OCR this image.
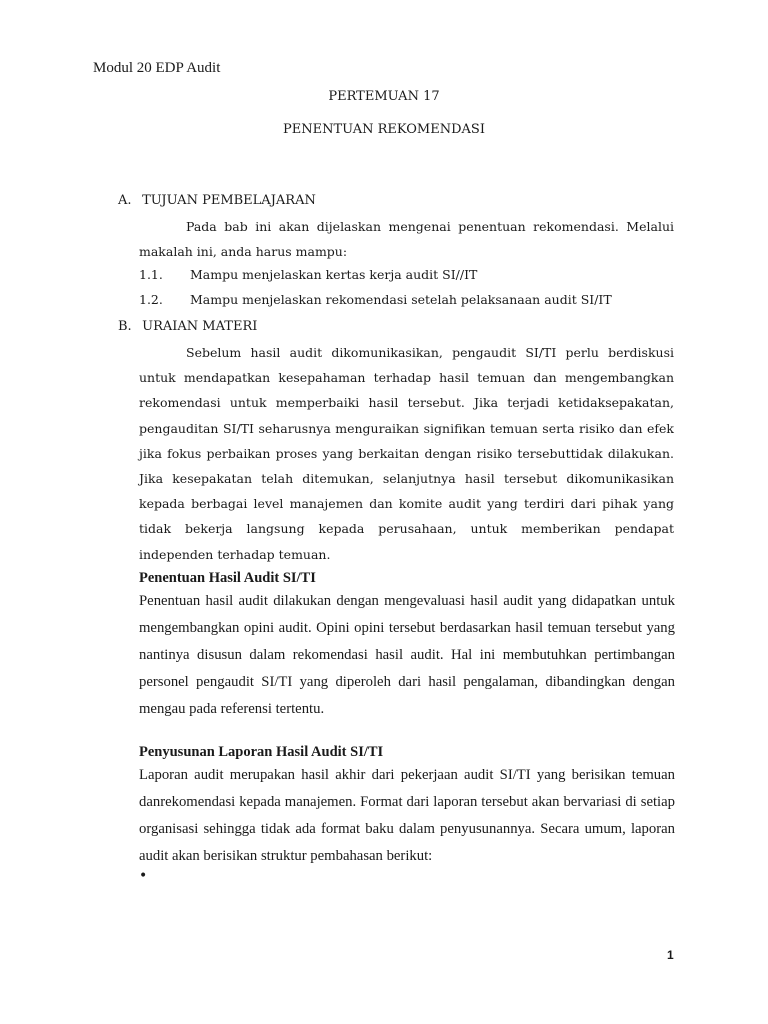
Modul 20 EDP Audit
PERTEMUAN 17
PENENTUAN REKOMENDASI
A. TUJUAN PEMBELAJARAN

Pada bab ini akan dijelaskan mengenai penentuan rekomendasi. Melalui makalah ini, anda harus mampu:

1.1. Mampu menjelaskan kertas kerja audit SI//IT
1.2. Mampu menjelaskan rekomendasi setelah pelaksanaan audit SI/IT
B. URAIAN MATERI

Sebelum hasil audit dikomunikasikan, pengaudit SI/TI perlu berdiskusi untuk mendapatkan kesepahaman terhadap hasil temuan dan mengembangkan rekomendasi untuk memperbaiki hasil tersebut. Jika terjadi ketidaksepakatan, pengauditan SI/TI seharusnya menguraikan signifikan temuan serta risiko dan efek jika fokus perbaikan proses yang berkaitan dengan risiko tersebuttidak dilakukan. Jika kesepakatan telah ditemukan, selanjutnya hasil tersebut dikomunikasikan kepada berbagai level manajemen dan komite audit yang terdiri dari pihak yang tidak bekerja langsung kepada perusahaan, untuk memberikan pendapat independen terhadap temuan.

Penentuan Hasil Audit SI/TI

Penentuan hasil audit dilakukan dengan mengevaluasi hasil audit yang didapatkan untuk mengembangkan opini audit. Opini opini tersebut berdasarkan hasil temuan tersebut yang nantinya disusun dalam rekomendasi hasil audit. Hal ini membutuhkan pertimbangan personel pengaudit SI/TI yang diperoleh dari hasil pengalaman, dibandingkan dengan mengau pada referensi tertentu.

Penyusunan Laporan Hasil Audit SI/TI

Laporan audit merupakan hasil akhir dari pekerjaan audit SI/TI yang berisikan temuan danrekomendasi kepada manajemen. Format dari laporan tersebut akan bervariasi di setiap organisasi sehingga tidak ada format baku dalam penyusunannya. Secara umum, laporan audit akan berisikan struktur pembahasan berikut:

•
1
